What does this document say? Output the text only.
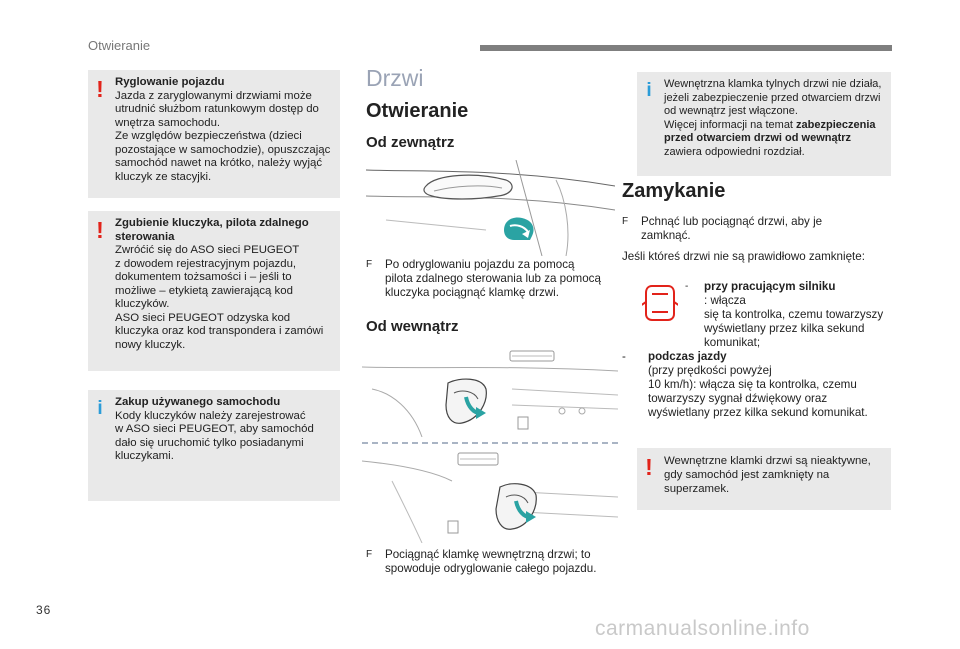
Otwieranie
! Ryglowanie pojazdu
Jazda z zaryglowanymi drzwiami może
utrudnić służbom ratunkowym dostęp do
wnętrza samochodu.
Ze względów bezpieczeństwa (dzieci
pozostające w samochodzie), opuszczając
samochód nawet na krótko, należy wyjąć
kluczyk ze stacyjki.
! Zgubienie kluczyka, pilota zdalnego
sterowania
Zwróćić się do ASO sieci PEUGEOT
z dowodem rejestracyjnym pojazdu,
dokumentem tożsamości i – jeśli to
możliwe – etykietą zawierającą kod
kluczyków.
ASO sieci PEUGEOT odzyska kod
kluczyka oraz kod transpondera i zamówi
nowy kluczyk.
i Zakup używanego samochodu
Kody kluczyków należy zarejestrować
w ASO sieci PEUGEOT, aby samochód
dało się uruchomić tylko posiadanymi
kluczykami.
Drzwi
Otwieranie
Od zewnątrz
F Po odryglowaniu pojazdu za pomocą
pilota zdalnego sterowania lub za pomocą
kluczyka pociągnąć klamkę drzwi.
Od wewnątrz
F Pociągnąć klamkę wewnętrzną drzwi; to
spowoduje odryglowanie całego pojazdu.
i Wewnętrzna klamka tylnych drzwi nie działa,
jeżeli zabezpieczenie przed otwarciem drzwi
od wewnątrz jest włączone.
Więcej informacji na temat zabezpieczenia
przed otwarciem drzwi od wewnątrz
zawiera odpowiedni rozdział.
Zamykanie
F Pchnąć lub pociągnąć drzwi, aby je
zamknąć.
Jeśli któreś drzwi nie są prawidłowo zamknięte:
- przy pracującym silniku
: włącza
się ta kontrolka, czemu towarzyszy
wyświetlany przez kilka sekund
komunikat;
- podczas jazdy
(przy prędkości powyżej
10 km/h): włącza się ta kontrolka, czemu
towarzyszy sygnał dźwiękowy oraz
wyświetlany przez kilka sekund komunikat.
! Wewnętrzne klamki drzwi są nieaktywne,
gdy samochód jest zamknięty na
superzamek.
36
carmanualsonline.info
